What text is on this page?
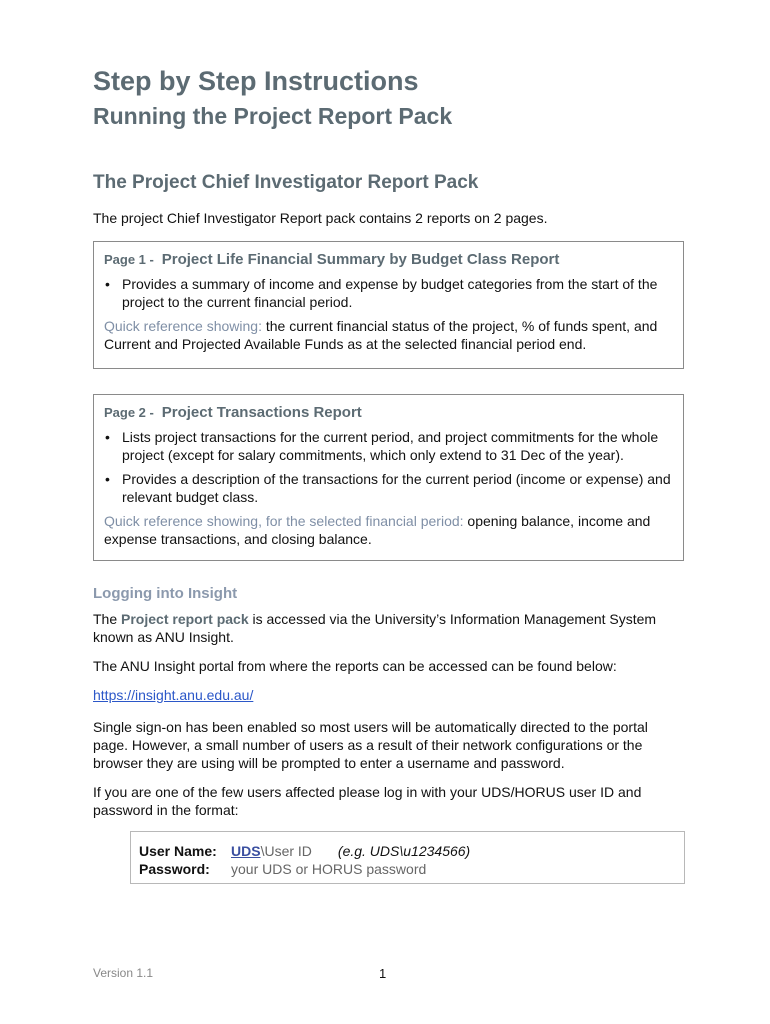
Step by Step Instructions
Running the Project Report Pack
The Project Chief Investigator Report Pack
The project Chief Investigator Report pack contains 2 reports on 2 pages.
Page 1 - Project Life Financial Summary by Budget Class Report
• Provides a summary of income and expense by budget categories from the start of the project to the current financial period.
Quick reference showing: the current financial status of the project, % of funds spent, and Current and Projected Available Funds as at the selected financial period end.
Page 2 - Project Transactions Report
• Lists project transactions for the current period, and project commitments for the whole project (except for salary commitments, which only extend to 31 Dec of the year).
• Provides a description of the transactions for the current period (income or expense) and relevant budget class.
Quick reference showing, for the selected financial period: opening balance, income and expense transactions, and closing balance.
Logging into Insight
The Project report pack is accessed via the University’s Information Management System known as ANU Insight.
The ANU Insight portal from where the reports can be accessed can be found below:
https://insight.anu.edu.au/
Single sign-on has been enabled so most users will be automatically directed to the portal page. However, a small number of users as a result of their network configurations or the browser they are using will be prompted to enter a username and password.
If you are one of the few users affected please log in with your UDS/HORUS user ID and password in the format:
User Name: UDS\User ID (e.g. UDS\u1234566)
Password: your UDS or HORUS password
Version 1.1	1
